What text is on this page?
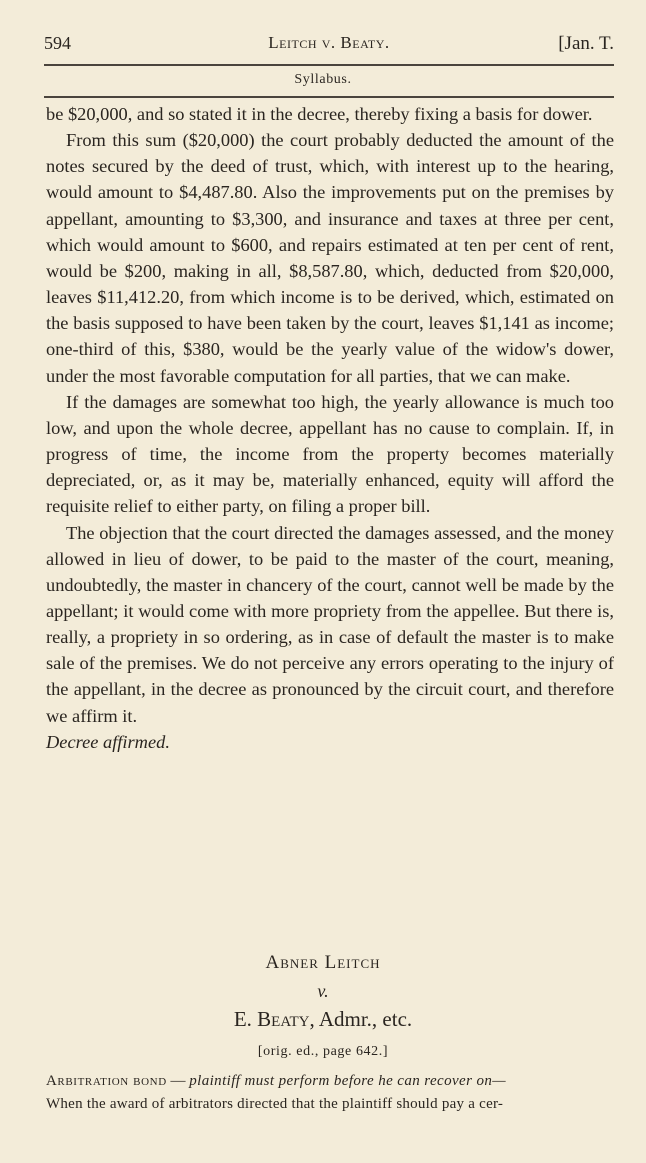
594	Leitch v. Beaty.	[Jan. T.
Syllabus.

be $20,000, and so stated it in the decree, thereby fixing a basis for dower.

From this sum ($20,000) the court probably deducted the amount of the notes secured by the deed of trust, which, with interest up to the hearing, would amount to $4,487.80. Also the improvements put on the premises by appellant, amounting to $3,300, and insurance and taxes at three per cent, which would amount to $600, and repairs estimated at ten per cent of rent, would be $200, making in all, $8,587.80, which, deducted from $20,000, leaves $11,412.20, from which income is to be derived, which, estimated on the basis supposed to have been taken by the court, leaves $1,141 as income; one-third of this, $380, would be the yearly value of the widow's dower, under the most favorable computation for all parties, that we can make.

If the damages are somewhat too high, the yearly allowance is much too low, and upon the whole decree, appellant has no cause to complain. If, in progress of time, the income from the property becomes materially depreciated, or, as it may be, materially enhanced, equity will afford the requisite relief to either party, on filing a proper bill.

The objection that the court directed the damages assessed, and the money allowed in lieu of dower, to be paid to the master of the court, meaning, undoubtedly, the master in chancery of the court, cannot well be made by the appellant; it would come with more propriety from the appellee. But there is, really, a propriety in so ordering, as in case of default the master is to make sale of the premises. We do not perceive any errors operating to the injury of the appellant, in the decree as pronounced by the circuit court, and therefore we affirm it.

Decree affirmed.

Abner Leitch
v.
E. Beaty, Admr., etc.
[orig. ed., page 642.]

Arbitration bond — plaintiff must perform before he can recover on—

When the award of arbitrators directed that the plaintiff should pay a cer-
